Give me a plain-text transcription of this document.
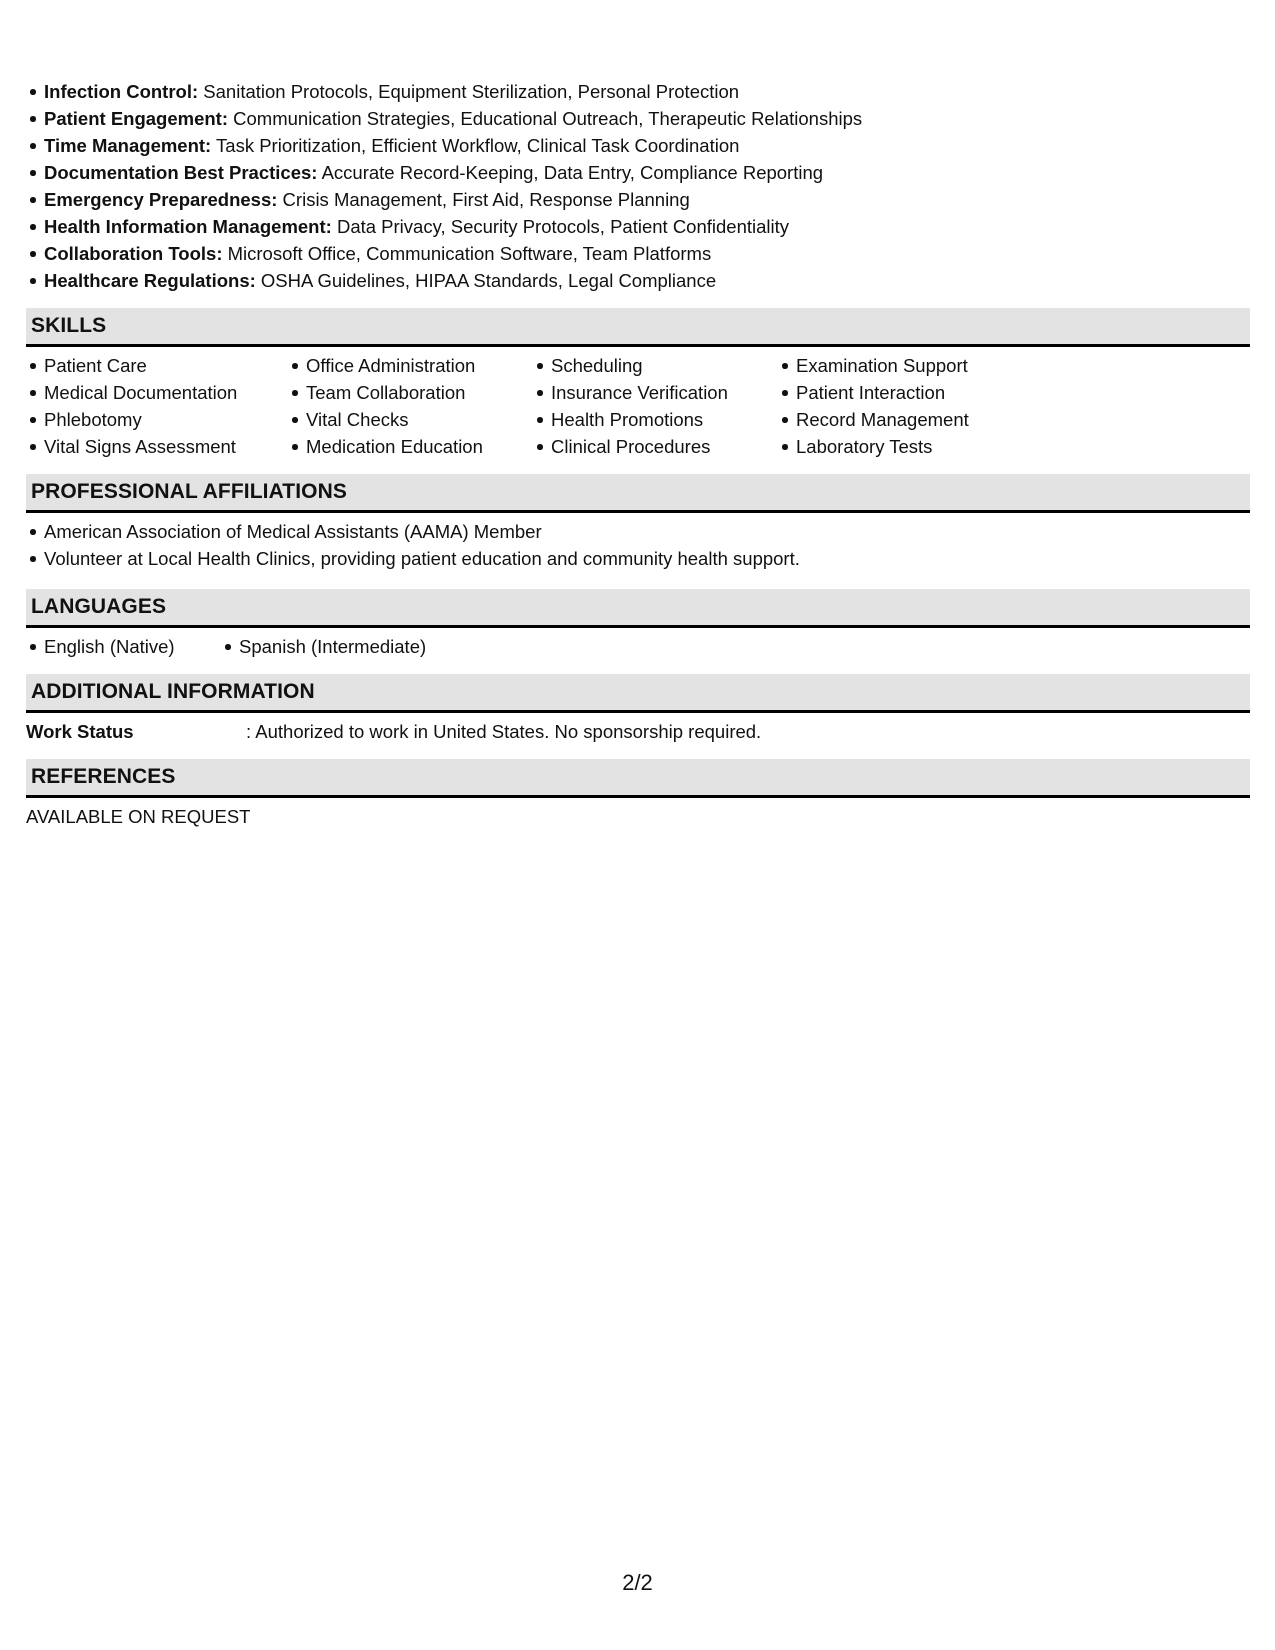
Infection Control: Sanitation Protocols, Equipment Sterilization, Personal Protection
Patient Engagement: Communication Strategies, Educational Outreach, Therapeutic Relationships
Time Management: Task Prioritization, Efficient Workflow, Clinical Task Coordination
Documentation Best Practices: Accurate Record-Keeping, Data Entry, Compliance Reporting
Emergency Preparedness: Crisis Management, First Aid, Response Planning
Health Information Management: Data Privacy, Security Protocols, Patient Confidentiality
Collaboration Tools: Microsoft Office, Communication Software, Team Platforms
Healthcare Regulations: OSHA Guidelines, HIPAA Standards, Legal Compliance
SKILLS
Patient Care
Medical Documentation
Phlebotomy
Vital Signs Assessment
Office Administration
Team Collaboration
Vital Checks
Medication Education
Scheduling
Insurance Verification
Health Promotions
Clinical Procedures
Examination Support
Patient Interaction
Record Management
Laboratory Tests
PROFESSIONAL AFFILIATIONS
American Association of Medical Assistants (AAMA) Member
Volunteer at Local Health Clinics, providing patient education and community health support.
LANGUAGES
English (Native)	Spanish (Intermediate)
ADDITIONAL INFORMATION
Work Status	: Authorized to work in United States. No sponsorship required.
REFERENCES
AVAILABLE ON REQUEST
2/2
